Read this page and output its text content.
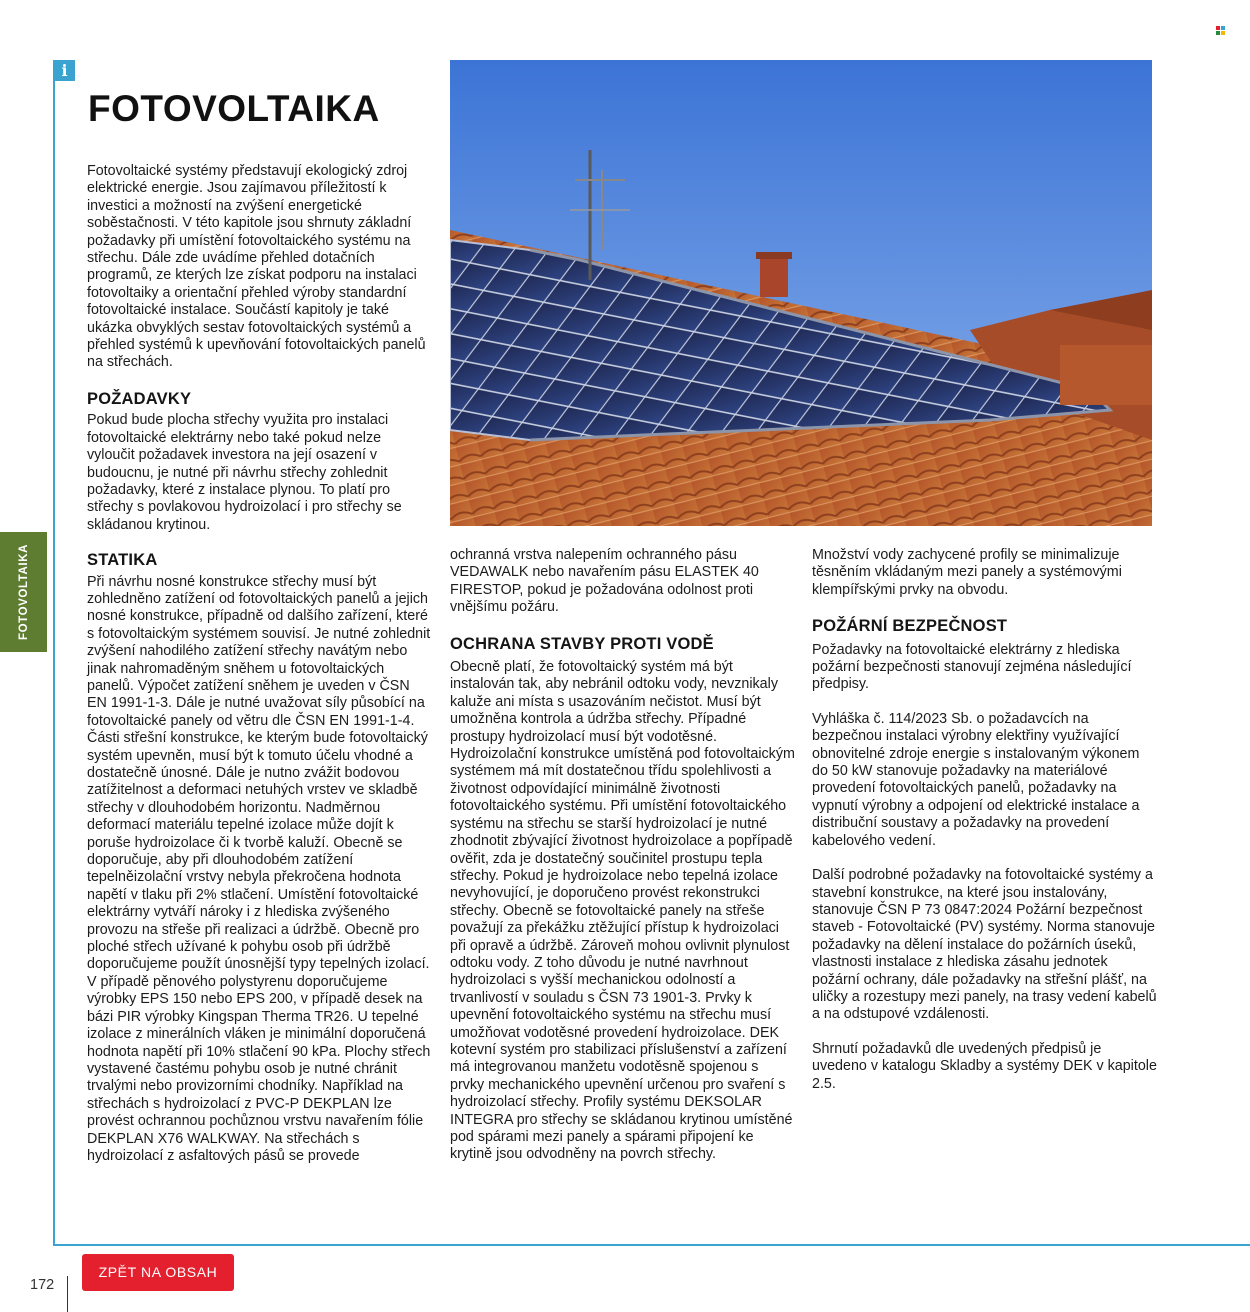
i
FOTOVOLTAIKA
FOTOVOLTAIKA

Fotovoltaické systémy představují ekologický zdroj elektrické energie. Jsou zajímavou příležitostí k investici a možností na zvýšení energetické soběstačnosti. V této kapitole jsou shrnuty základní požadavky při umístění fotovoltaického systému na střechu. Dále zde uvádíme přehled dotačních programů, ze kterých lze získat podporu na instalaci fotovoltaiky a orientační přehled výroby standardní fotovoltaické instalace. Součástí kapitoly je také ukázka obvyklých sestav fotovoltaických systémů a přehled systémů k upevňování fotovoltaických panelů na střechách.

POŽADAVKY

Pokud bude plocha střechy využita pro instalaci fotovoltaické elektrárny nebo také pokud nelze vyloučit požadavek investora na její osazení v budoucnu, je nutné při návrhu střechy zohlednit požadavky, které z instalace plynou. To platí pro střechy s povlakovou hydroizolací i pro střechy se skládanou krytinou.

STATIKA

Při návrhu nosné konstrukce střechy musí být zohledněno zatížení od fotovoltaických panelů a jejich nosné konstrukce, případně od dalšího zařízení, které s fotovoltaickým systémem souvisí. Je nutné zohlednit zvýšení nahodilého zatížení střechy navátým nebo jinak nahromaděným sněhem u fotovoltaických panelů. Výpočet zatížení sněhem je uveden v ČSN EN 1991-1-3. Dále je nutné uvažovat síly působící na fotovoltaické panely od větru dle ČSN EN 1991-1-4. Části střešní konstrukce, ke kterým bude fotovoltaický systém upevněn, musí být k tomuto účelu vhodné a dostatečně únosné. Dále je nutno zvážit bodovou zatížitelnost a deformaci netuhých vrstev ve skladbě střechy v dlouhodobém horizontu. Nadměrnou deformací materiálu tepelné izolace může dojít k poruše hydroizolace či k tvorbě kaluží. Obecně se doporučuje, aby při dlouhodobém zatížení tepelněizolační vrstvy nebyla překročena hodnota napětí v tlaku při 2% stlačení. Umístění fotovoltaické elektrárny vytváří nároky i z hlediska zvýšeného provozu na střeše při realizaci a údržbě. Obecně pro ploché střech užívané k pohybu osob při údržbě doporučujeme použít únosnější typy tepelných izolací. V případě pěnového polystyrenu doporučujeme výrobky EPS 150 nebo EPS 200, v případě desek na bázi PIR výrobky Kingspan Therma TR26. U tepelné izolace z minerálních vláken je minimální doporučená hodnota napětí při 10% stlačení 90 kPa. Plochy střech vystavené častému pohybu osob je nutné chránit trvalými nebo provizorními chodníky. Například na střechách s hydroizolací z PVC-P DEKPLAN lze provést ochrannou pochůznou vrstvu navařením fólie DEKPLAN X76 WALKWAY. Na střechách s hydroizolací z asfaltových pásů se provede

ochranná vrstva nalepením ochranného pásu VEDAWALK nebo navařením pásu ELASTEK 40 FIRESTOP, pokud je požadována odolnost proti vnějšímu požáru.

OCHRANA STAVBY PROTI VODĚ

Obecně platí, že fotovoltaický systém má být instalován tak, aby nebránil odtoku vody, nevznikaly kaluže ani místa s usazováním nečistot. Musí být umožněna kontrola a údržba střechy. Případné prostupy hydroizolací musí být vodotěsné. Hydroizolační konstrukce umístěná pod fotovoltaickým systémem má mít dostatečnou třídu spolehlivosti a životnost odpovídající minimálně životnosti fotovoltaického systému. Při umístění fotovoltaického systému na střechu se starší hydroizolací je nutné zhodnotit zbývající životnost hydroizolace a popřípadě ověřit, zda je dostatečný součinitel prostupu tepla střechy. Pokud je hydroizolace nebo tepelná izolace nevyhovující, je doporučeno provést rekonstrukci střechy. Obecně se fotovoltaické panely na střeše považují za překážku ztěžující přístup k hydroizolaci při opravě a údržbě. Zároveň mohou ovlivnit plynulost odtoku vody. Z toho důvodu je nutné navrhnout hydroizolaci s vyšší mechanickou odolností a trvanlivostí v souladu s ČSN 73 1901-3. Prvky k upevnění fotovoltaického systému na střechu musí umožňovat vodotěsné provedení hydroizolace. DEK kotevní systém pro stabilizaci příslušenství a zařízení má integrovanou manžetu vodotěsně spojenou s prvky mechanického upevnění určenou pro svaření s hydroizolací střechy. Profily systému DEKSOLAR INTEGRA pro střechy se skládanou krytinou umístěné pod spárami mezi panely a spárami připojení ke krytině jsou odvodněny na povrch střechy.

Množství vody zachycené profily se minimalizuje těsněním vkládaným mezi panely a systémovými klempířskými prvky na obvodu.

POŽÁRNÍ BEZPEČNOST

Požadavky na fotovoltaické elektrárny z hlediska požární bezpečnosti stanovují zejména následující předpisy.

Vyhláška č. 114/2023 Sb. o požadavcích na bezpečnou instalaci výrobny elektřiny využívající obnovitelné zdroje energie s instalovaným výkonem do 50 kW stanovuje požadavky na materiálové provedení fotovoltaických panelů, požadavky na vypnutí výrobny a odpojení od elektrické instalace a distribuční soustavy a požadavky na provedení kabelového vedení.

Další podrobné požadavky na fotovoltaické systémy a stavební konstrukce, na které jsou instalovány, stanovuje ČSN P 73 0847:2024 Požární bezpečnost staveb - Fotovoltaické (PV) systémy. Norma stanovuje požadavky na dělení instalace do požárních úseků, vlastnosti instalace z hlediska zásahu jednotek požární ochrany, dále požadavky na střešní plášť, na uličky a rozestupy mezi panely, na trasy vedení kabelů a na odstupové vzdálenosti.

Shrnutí požadavků dle uvedených předpisů je uvedeno v katalogu Skladby a systémy DEK v kapitole 2.5.

ZPĚT NA OBSAH
172
